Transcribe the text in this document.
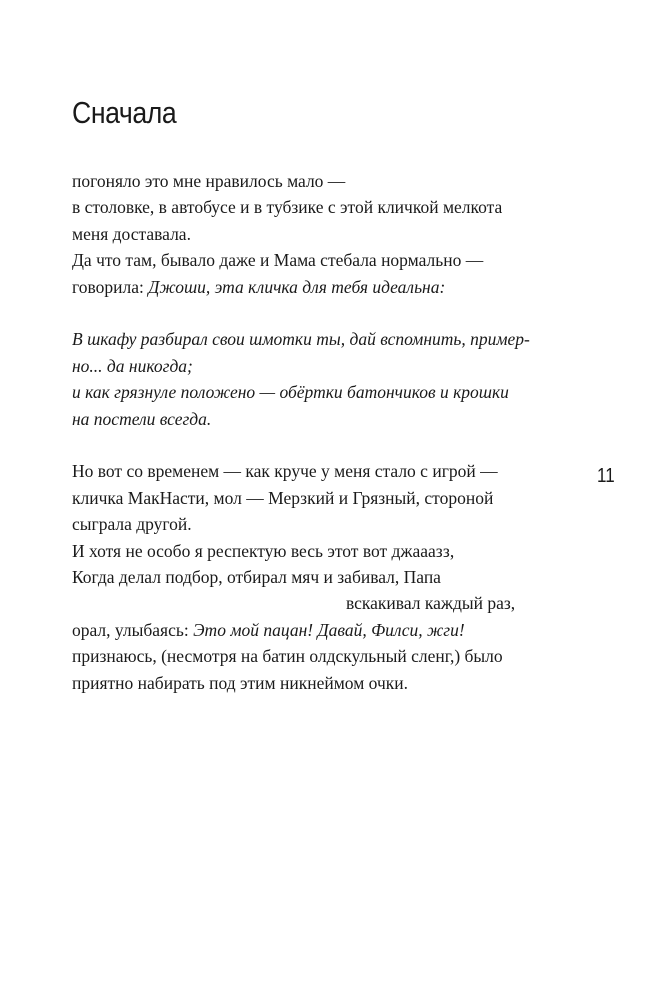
Сначала
погоняло это мне нравилось мало —
в столовке, в автобусе и в тубзике с этой кличкой мелкота
меня доставала.
Да что там, бывало даже и Мама стебала нормально —
говорила: Джоши, эта кличка для тебя идеальна:
В шкафу разбирал свои шмотки ты, дай вспомнить, пример-
но... да никогда;
и как грязнуле положено — обёртки батончиков и крошки
на постели всегда.
Но вот со временем — как круче у меня стало с игрой —
кличка МакНасти, мол — Мерзкий и Грязный, стороной
сыграла другой.
И хотя не особо я респектую весь этот вот джааазз,
Когда делал подбор, отбирал мяч и забивал, Папа
вскакивал каждый раз,
орал, улыбаясь: Это мой пацан! Давай, Филси, жги!
признаюсь, (несмотря на батин олдскульный сленг,) было
приятно набирать под этим никнеймом очки.
11
